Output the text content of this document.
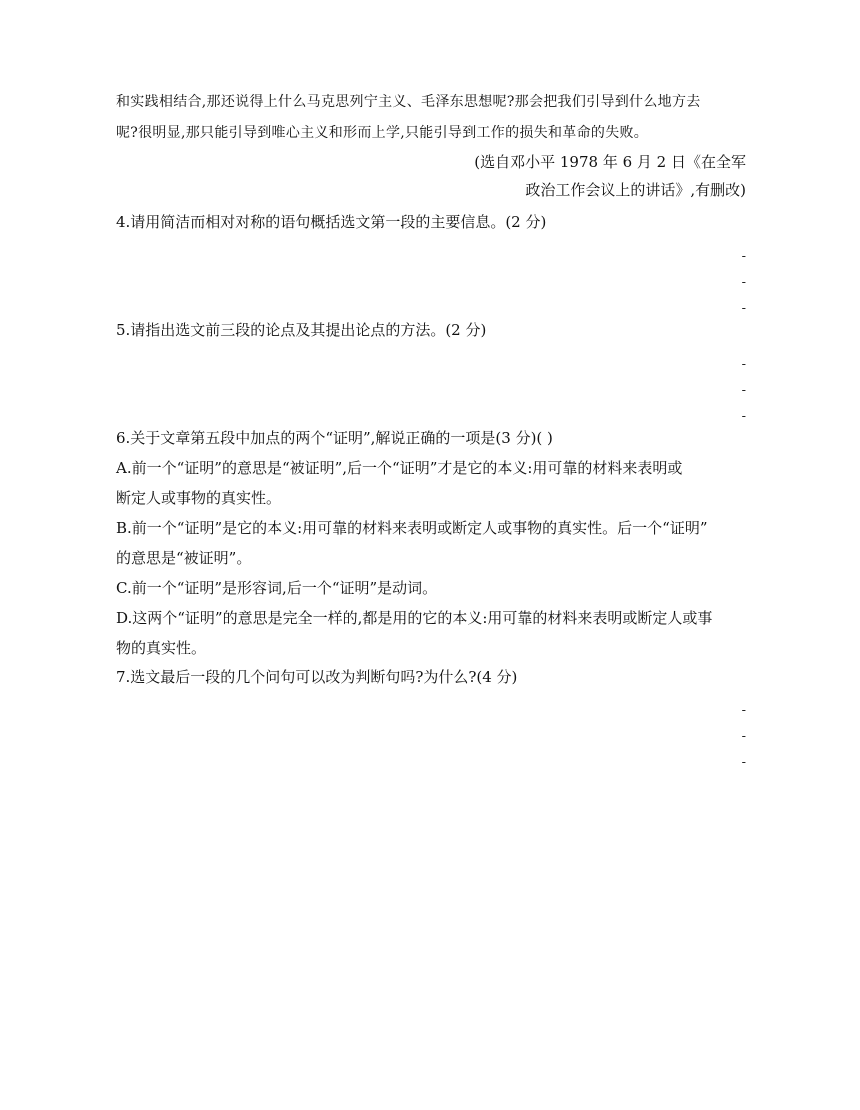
和实践相结合,那还说得上什么马克思列宁主义、毛泽东思想呢?那会把我们引导到什么地方去
呢?很明显,那只能引导到唯心主义和形而上学,只能引导到工作的损失和革命的失败。
(选自邓小平 1978 年 6 月 2 日《在全军
政治工作会议上的讲话》,有删改)
4.请用简洁而相对对称的语句概括选文第一段的主要信息。(2 分)
-
-
-
5.请指出选文前三段的论点及其提出论点的方法。(2 分)
-
-
-
6.关于文章第五段中加点的两个“证明”,解说正确的一项是(3 分)( )
A.前一个“证明”的意思是“被证明”,后一个“证明”才是它的本义:用可靠的材料来表明或
断定人或事物的真实性。
B.前一个“证明”是它的本义:用可靠的材料来表明或断定人或事物的真实性。后一个“证明”
的意思是“被证明”。
C.前一个“证明”是形容词,后一个“证明”是动词。
D.这两个“证明”的意思是完全一样的,都是用的它的本义:用可靠的材料来表明或断定人或事
物的真实性。
7.选文最后一段的几个问句可以改为判断句吗?为什么?(4 分)
-
-
-
